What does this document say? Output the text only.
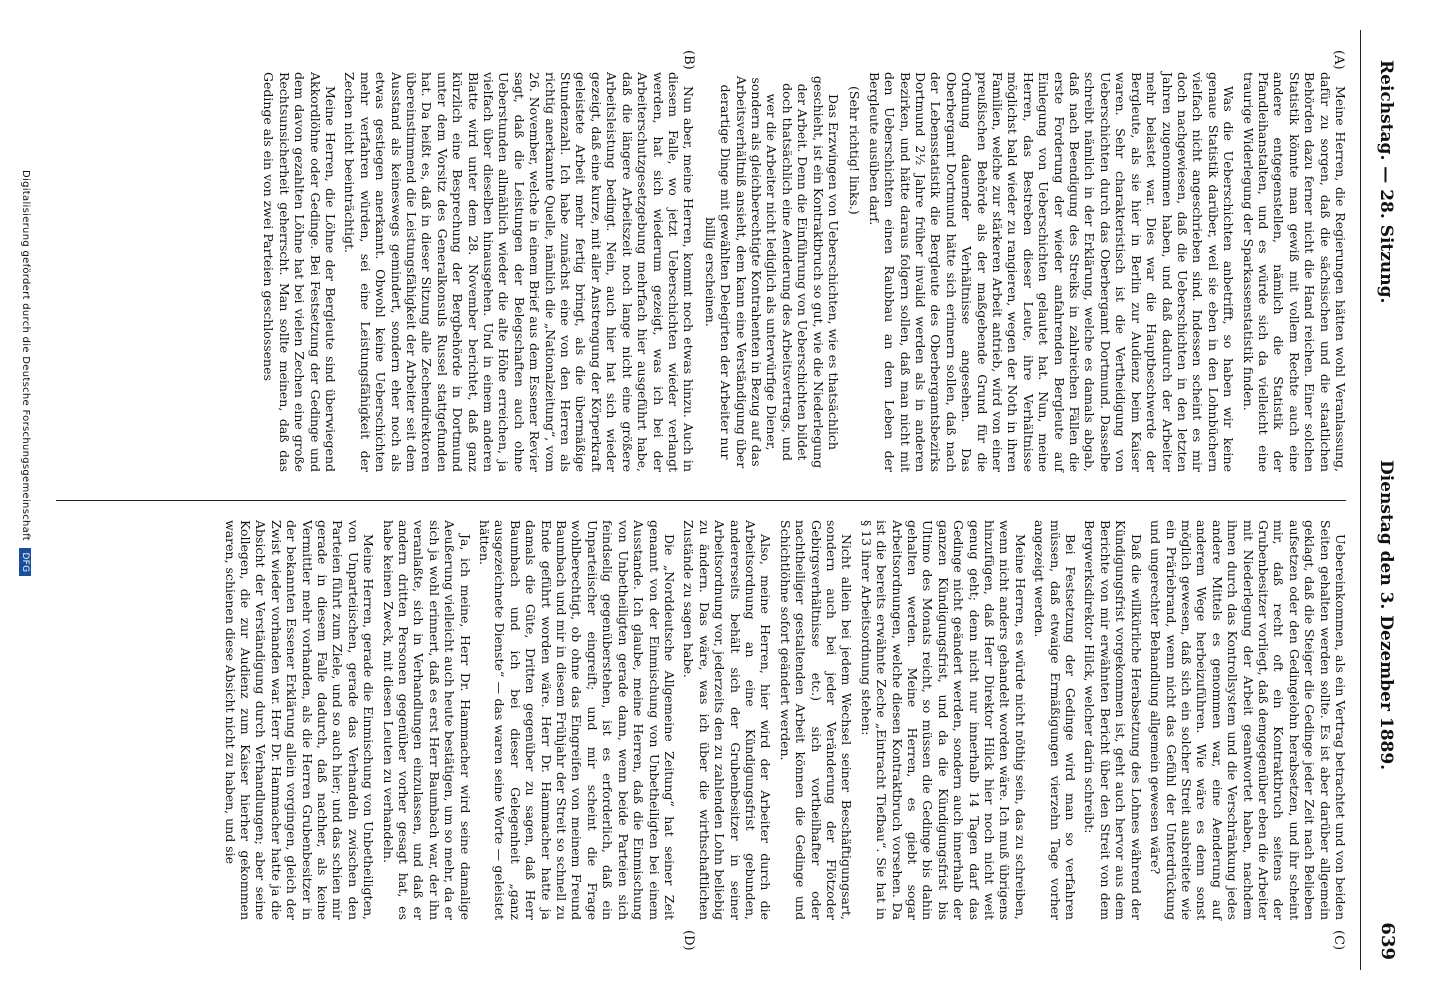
Reichstag. — 28. Sitzung.
Dienstag den 3. Dezember 1889.
639
(A)
(B)
(C)
(D)

Meine Herren, die Regierungen hätten wohl Veranlassung, dafür zu sorgen, daß die sächsischen und die staatlichen Behörden dazu ferner nicht die Hand reichen. Einer solchen Statistik könnte man gewiß mit vollem Rechte auch eine andere entgegenstellen, nämlich die Statistik der Pfandleihanstalten, und es würde sich da vielleicht eine traurige Widerlegung der Sparkassenstatistik finden.

Was die Ueberschichten anbetrifft, so haben wir keine genaue Statistik darüber, weil sie eben in den Lohnbüchern vielfach nicht angeschrieben sind. Indessen scheint es mir doch nachgewiesen, daß die Ueberschichten in den letzten Jahren zugenommen haben, und daß dadurch der Arbeiter mehr belastet war. Dies war die Hauptbeschwerde der Bergleute, als sie hier in Berlin zur Audienz beim Kaiser waren. Sehr charakteristisch ist die Vertheidigung von Ueberschichten durch das Oberbergamt Dortmund. Dasselbe schreibt nämlich in der Erklärung, welche es damals abgab, daß nach Beendigung des Streiks in zahlreichen Fällen die erste Forderung der wieder anfahrenden Bergleute auf Einlegung von Ueberschichten gelautet hat. Nun, meine Herren, das Bestreben dieser Leute, ihre Verhältnisse möglichst bald wieder zu rangieren, wegen der Noth in ihren Familien, welche zur stärkeren Arbeit antrieb, wird von einer preußischen Behörde als der maßgebende Grund für die Ordnung dauernder Verhältnisse angesehen. Das Oberbergamt Dortmund hätte sich erinnern sollen, daß nach der Lebensstatistik die Bergleute des Oberbergamtsbezirks Dortmund 2½ Jahre früher invalid werden als in anderen Bezirken, und hätte daraus folgern sollen, daß man nicht mit den Ueberschichten einen Raubbau an dem Leben der Bergleute ausüben darf.

(Sehr richtig! links.)

Das Erzwingen von Ueberschichten, wie es thatsächlich geschieht, ist ein Kontraktbruch so gut, wie die Niederlegung der Arbeit. Denn die Einführung von Ueberschichten bildet doch thatsächlich eine Aenderung des Arbeitsvertrags, und wer die Arbeiter nicht lediglich als unterwürfige Diener, sondern als gleichberechtigte Kontrahenten in Bezug auf das Arbeitsverhältniß ansieht, dem kann eine Verständigung über derartige Dinge mit gewählten Delegirten der Arbeiter nur billig erscheinen.

Nun aber, meine Herren, kommt noch etwas hinzu. Auch in diesem Falle, wo jetzt Ueberschichten wieder verlangt werden, hat sich wiederum gezeigt, was ich bei der Arbeiterschutzgesetzgebung mehrfach hier ausgeführt habe, daß die längere Arbeitszeit noch lange nicht eine größere Arbeitsleistung bedingt. Nein, auch hier hat sich wieder gezeigt, daß eine kurze, mit aller Anstrengung der Körperkraft geleistete Arbeit mehr fertig bringt, als die übermäßige Stundenzahl. Ich habe zunächst eine von den Herren als richtig anerkannte Quelle, nämlich die „Nationalzeitung“, vom 26. November, welche in einem Brief aus dem Essener Revier sagt, daß die Leistungen der Belegschaften auch ohne Ueberstunden allmählich wieder die alte Höhe erreichen, ja vielfach über dieselben hinausgehen. Und in einem anderen Blatte wird unter dem 28. November berichtet, daß ganz kürzlich eine Besprechung der Bergbehörde in Dortmund unter dem Vorsitz des Generalkonsuls Russel stattgefunden hat. Da heißt es, daß in dieser Sitzung alle Zechendirektoren übereinstimmend die Leistungsfähigkeit der Arbeiter seit dem Ausstand als keineswegs gemindert, sondern eher noch als etwas gestiegen anerkannt. Obwohl keine Ueberschichten mehr verfahren würden, sei eine Leistungsfähigkeit der Zechen nicht beeinträchtigt.

Meine Herren, die Löhne der Bergleute sind überwiegend Akkordlöhne oder Gedinge. Bei Festsetzung der Gedinge und dem davon gezahlten Löhne hat bei vielen Zechen eine große Rechtsunsicherheit geherrscht. Man sollte meinen, daß das Gedinge als ein von zwei Parteien geschlossenes

Uebereinkommen, als ein Vertrag betrachtet und von beiden Seiten gehalten werden sollte. Es ist aber darüber allgemein geklagt, daß die Steiger die Gedinge jeder Zeit nach Belieben aufsetzen oder den Gedingelohn herabsetzen, und ihr scheint mir, daß recht oft ein Kontraktbruch seitens der Grubenbesitzer vorliegt, daß demgegenüber eben die Arbeiter mit Niederlegung der Arbeit geantwortet haben, nachdem ihnen durch das Kontrollsystem und die Verschränkung jedes andere Mittels es genommen war, eine Aenderung auf anderem Wege herbeizuführen. Wie wäre es denn sonst möglich gewesen, daß sich ein solcher Streit ausbreitete wie ein Präriebrand, wenn nicht das Gefühl der Unterdrückung und ungerechter Behandlung allgemein gewesen wäre?

Daß die willkürliche Herabsetzung des Lohnes während der Kündigungsfrist vorgekommen ist, geht auch hervor aus dem Berichte von mir erwähnten Bericht über den Streit von dem Bergwerksdirektor Hilck, welcher darin schreibt:

Bei Festsetzung der Gedinge wird man so verfahren müssen, daß etwaige Ermäßigungen vierzehn Tage vorher angezeigt werden.

Meine Herren, es würde nicht nöthig sein, das zu schreiben, wenn nicht anders gehandelt worden wäre. Ich muß übrigens hinzufügen, daß Herr Direktor Hilck hier noch nicht weit genug geht; denn nicht nur innerhalb 14 Tagen darf das Gedinge nicht geändert werden, sondern auch innerhalb der ganzen Kündigungsfrist, und da die Kündigungsfrist bis Ultimo des Monats reicht, so müssen die Gedinge bis dahin gehalten werden. Meine Herren, es giebt sogar Arbeitsordnungen, welche diesen Kontraktbruch vorsehen. Da ist die bereits erwähnte Zeche „Eintracht Tiefbau“. Sie hat in § 13 ihrer Arbeitsordnung stehen:

Nicht allein bei jedem Wechsel seiner Beschäftigungsart, sondern auch bei jeder Veränderung der Flötzoder Gebirgsverhältnisse etc.) sich vortheilhafter oder nachtheiliger gestaltenden Arbeit können die Gedinge und Schichtlöhne sofort geändert werden.

Also, meine Herren, hier wird der Arbeiter durch die Arbeitsordnung an eine Kündigungsfrist gebunden, andererseits behält sich der Grubenbesitzer in seiner Arbeitsordnung vor, jederzeits den zu zahlenden Lohn beliebig zu ändern. Das wäre, was ich über die wirthschaftlichen Zustände zu sagen habe.

Die „Norddeutsche Allgemeine Zeitung“ hat seiner Zeit genannt von der Einmischung von Unbetheiligten bei einem Ausstande. Ich glaube, meine Herren, daß die Einmischung von Unbetheiligten gerade dann, wenn beide Parteien sich feindselig gegenüberstehen, ist es erforderlich, daß ein Unparteiischer eingreift; und mir scheint die Frage wohlberechtigt, ob ohne das Eingreifen von meinem Freund Baumbach und mir in diesem Frühjahr der Streit so schnell zu Ende geführt worden wäre. Herr Dr. Hammacher hatte ja damals die Güte, Dritten gegenüber zu sagen, daß Herr Baumbach und ich bei dieser Gelegenheit „ganz ausgezeichnete Dienste“ — das waren seine Worte — geleistet hätten.

Ja, ich meine, Herr Dr. Hammacher wird seine damalige Aeußerung vielleicht auch heute bestätigen, um so mehr, da er sich ja wohl erinnert, daß es erst Herr Baumbach war, der ihn veranlaßte, sich in Verhandlungen einzulassen, und daß er andern dritten Personen gegenüber vorher gesagt hat, es habe keinen Zweck, mit diesen Leuten zu verhandeln.

Meine Herren, gerade die Einmischung von Unbetheiligten, von Unparteiischen, gerade das Verhandeln zwischen den Parteien führt zum Ziele, und so auch hier; und das schien mir gerade in diesem Falle dadurch, daß nachher, als keine Vermittler mehr vorhanden, als die Herren Grubenbesitzer in der bekannten Essener Erklärung allein vorgingen, gleich der Zwist wieder vorhanden war. Herr Dr. Hammacher hatte ja die Absicht der Verständigung durch Verhandlungen; aber seine Kollegen, die zur Audienz zum Kaiser hierher gekommen waren, schienen diese Absicht nicht zu haben, und sie

Digitalisierung gefördert durch die Deutsche Forschungsgemeinschaft DFG
